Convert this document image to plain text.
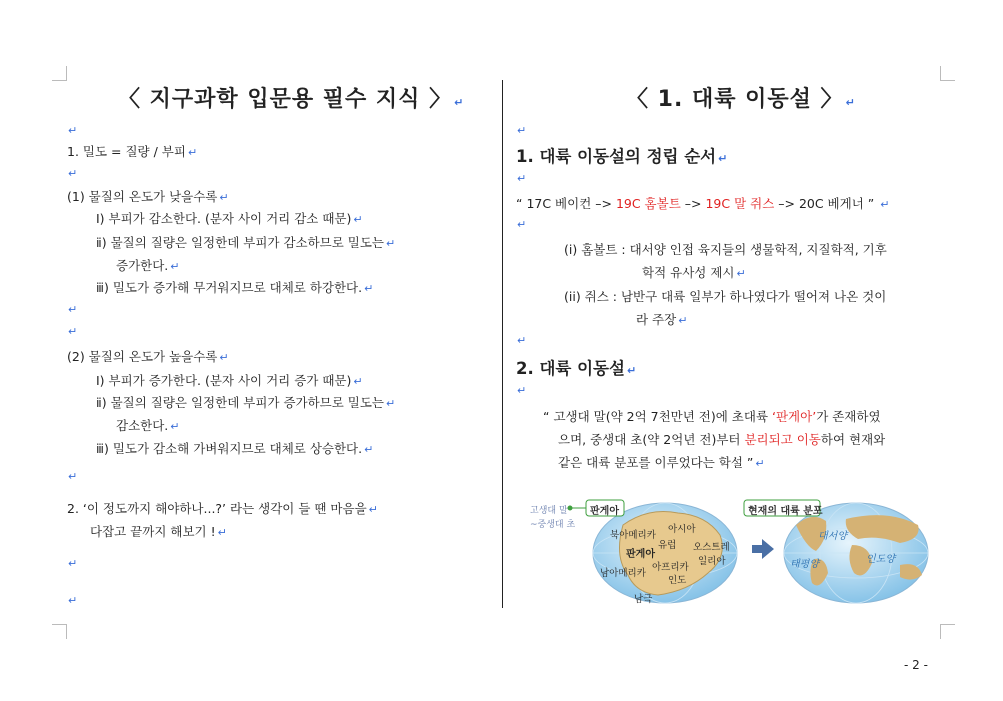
〈 지구과학 입문용 필수 지식 〉 ↵
↵
1. 밀도 = 질량 / 부피 ↵
↵
(1) 물질의 온도가 낮을수록 ↵
Ⅰ) 부피가 감소한다. (분자 사이 거리 감소 때문) ↵
ⅱ) 물질의 질량은 일정한데 부피가 감소하므로 밀도는 ↵
증가한다. ↵
ⅲ) 밀도가 증가해 무거워지므로 대체로 하강한다. ↵
↵
↵
(2) 물질의 온도가 높을수록 ↵
Ⅰ) 부피가 증가한다. (분자 사이 거리 증가 때문) ↵
ⅱ) 물질의 질량은 일정한데 부피가 증가하므로 밀도는 ↵
감소한다. ↵
ⅲ) 밀도가 감소해 가벼워지므로 대체로 상승한다. ↵
↵
2. ‘이 정도까지 해야하나...?’ 라는 생각이 들 땐 마음을 ↵
다잡고 끝까지 해보기 ! ↵
↵
↵
〈 1. 대륙 이동설 〉 ↵
↵
1. 대륙 이동설의 정립 순서 ↵
↵
“ 17C 베이컨 –> 19C 홈볼트 –> 19C 말 쥐스 –> 20C 베게너 ” ↵
↵
(i) 홈볼트 : 대서양 인접 육지들의 생물학적, 지질학적, 기후
학적 유사성 제시 ↵
(ii) 쥐스 : 남반구 대륙 일부가 하나였다가 떨어져 나온 것이
라 주장 ↵
↵
2. 대륙 이동설 ↵
↵
“ 고생대 말(약 2억 7천만년 전)에 초대륙 ‘판게아’가 존재하였
으며, 중생대 초(약 2억년 전)부터 분리되고 이동하여 현재와
같은 대륙 분포를 이루었다는 학설 ” ↵
고생대 말
~중생대 초
판게아	현재의 대륙 분포
북아메리카
유럽
아시아
판게아
오스트레
일리아
남아메리카
아프리카
인도
남극
대서양
태평양	인도양
- 2 -
